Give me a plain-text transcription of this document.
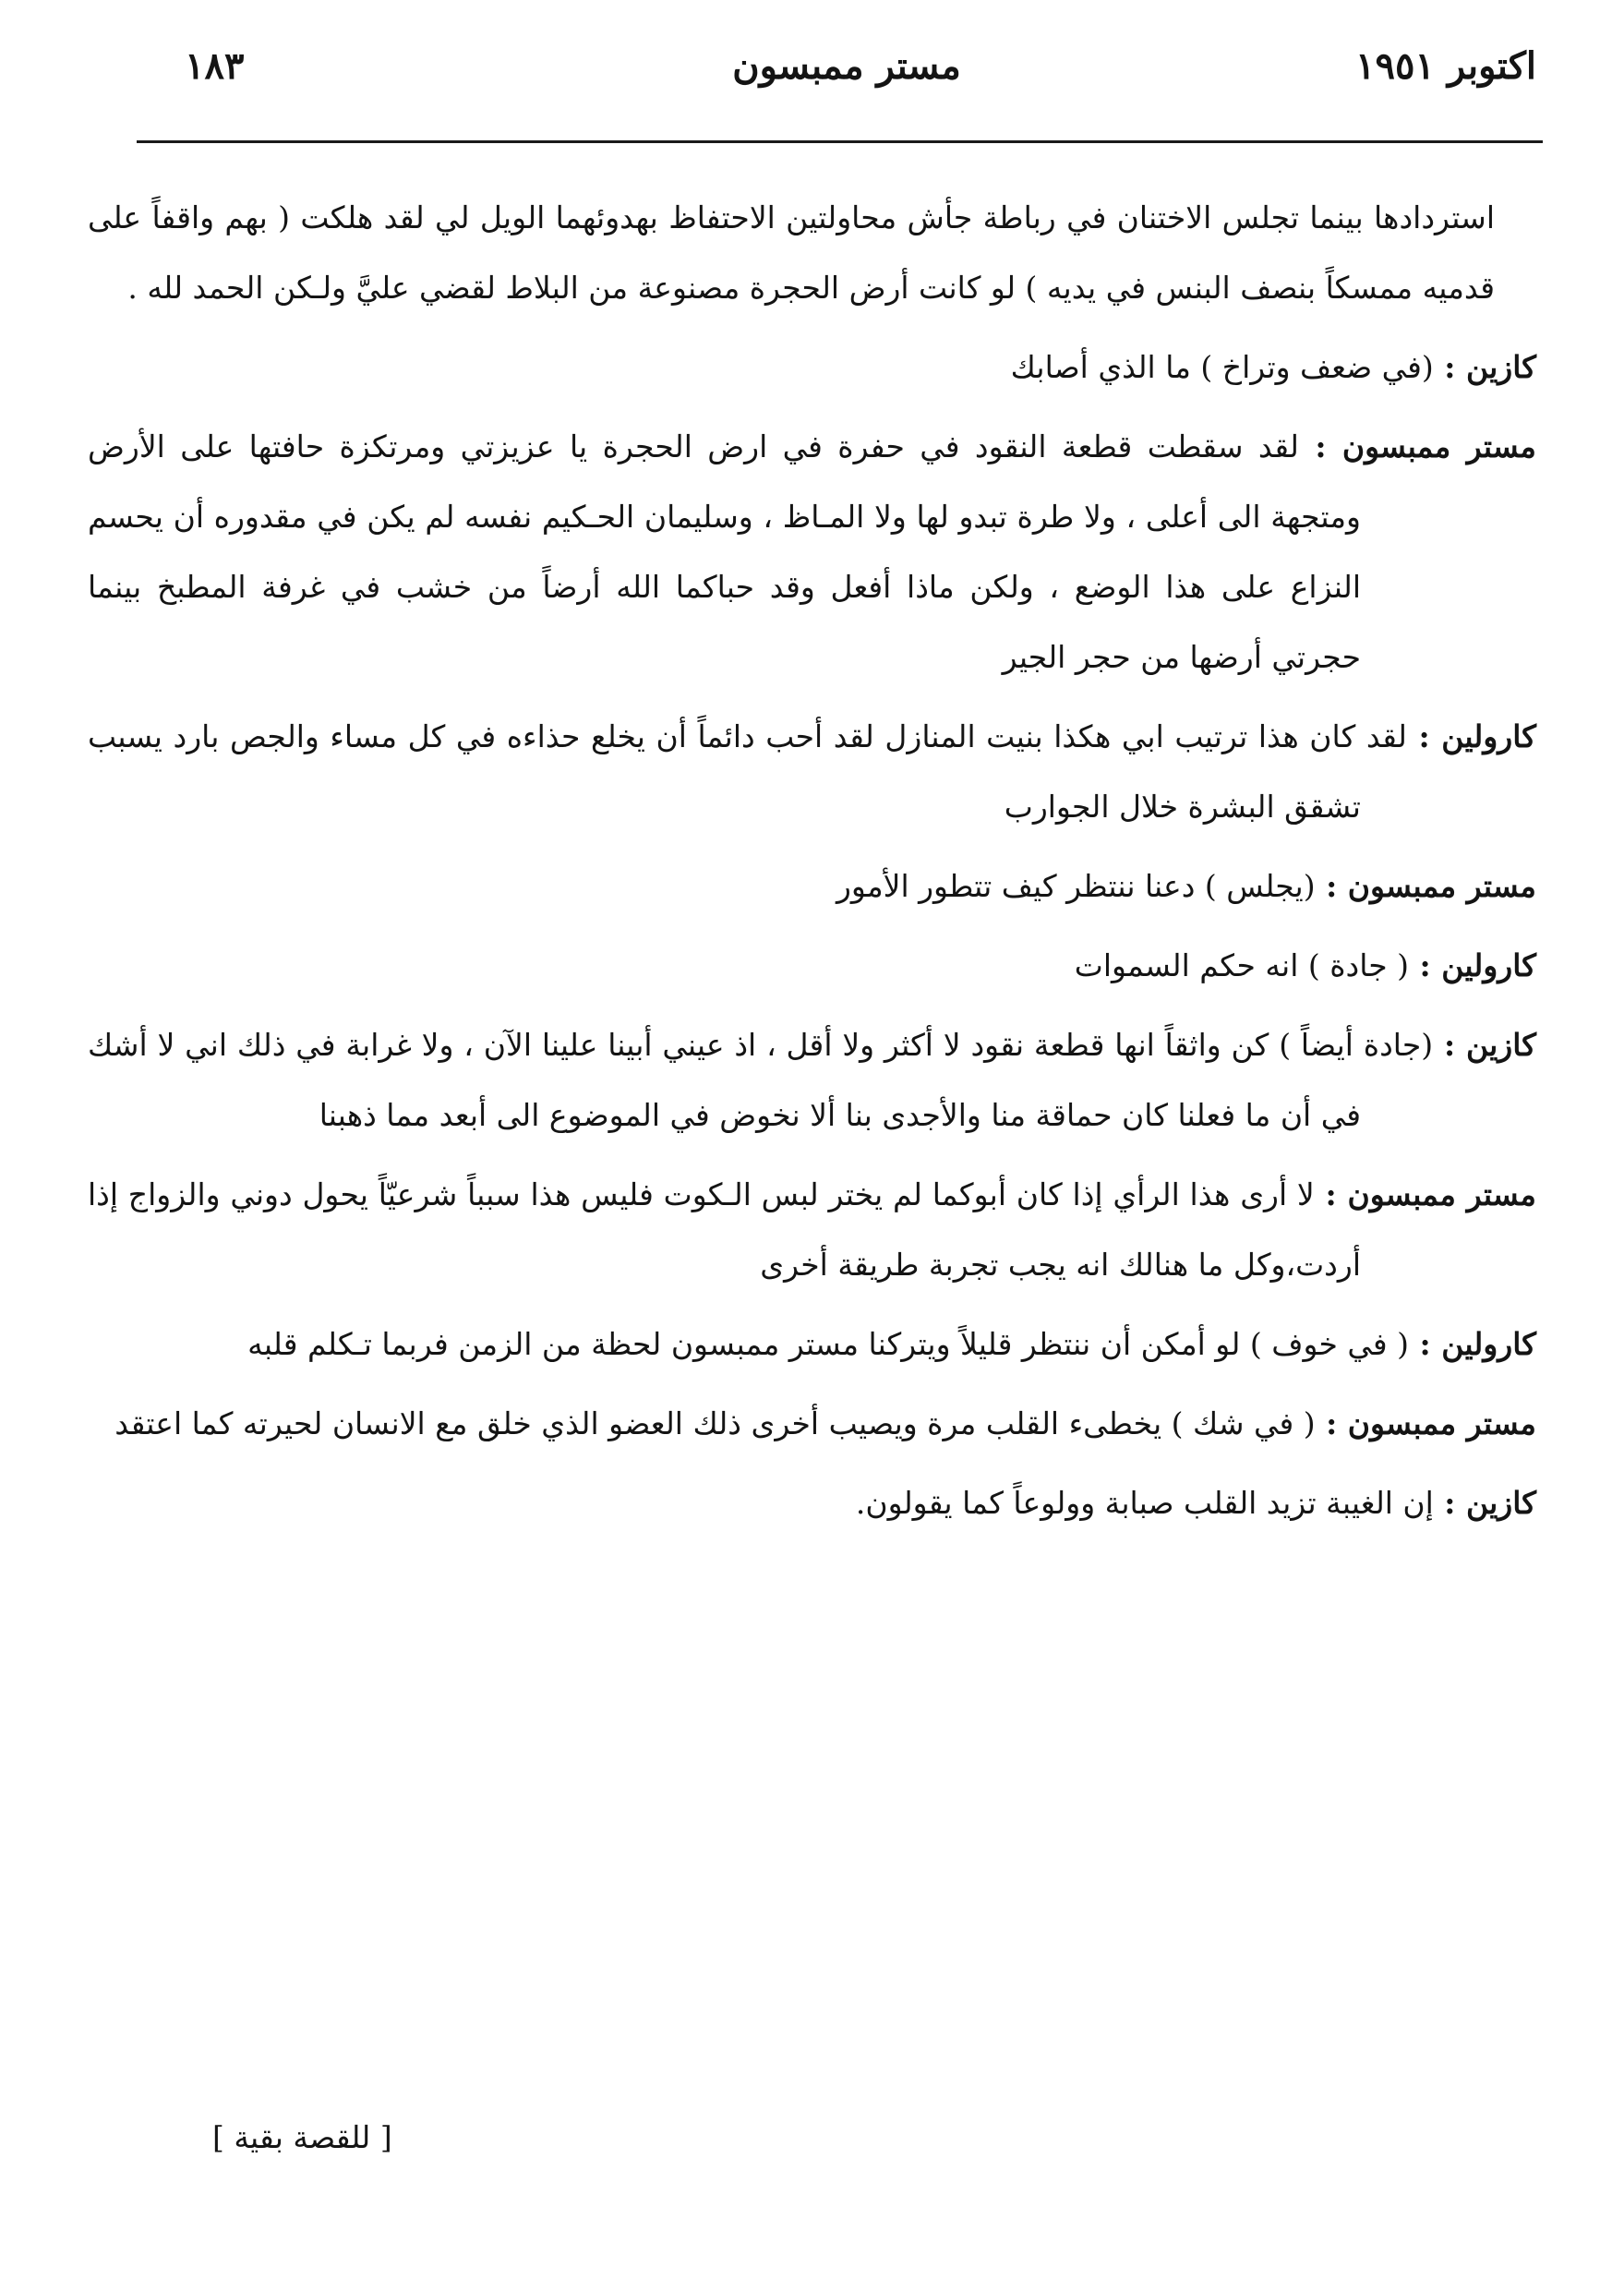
اكتوبر ١٩٥١
مستر ممبسون
١٨٣

استردادها بينما تجلس الاختنان في رباطة جأش محاولتين الاحتفاظ بهدوئهما الويل لي لقد هلكت ( بهم واقفاً على قدميه ممسكاً بنصف البنس في يديه ) لو كانت أرض الحجرة مصنوعة من البلاط لقضي عليَّ ولـكن الحمد لله .

كازين : (في ضعف وتراخ ) ما الذي أصابك

مستر ممبسون : لقد سقطت قطعة النقود في حفرة في ارض الحجرة يا عزيزتي ومرتكزة حافتها على الأرض ومتجهة الى أعلى ، ولا طرة تبدو لها ولا المـاظ ، وسليمان الحـكيم نفسه لم يكن في مقدوره أن يحسم النزاع على هذا الوضع ، ولكن ماذا أفعل وقد حباكما الله أرضاً من خشب في غرفة المطبخ بينما حجرتي أرضها من حجر الجير

كارولين : لقد كان هذا ترتيب ابي هكذا بنيت المنازل لقد أحب دائماً أن يخلع حذاءه في كل مساء والجص بارد يسبب تشقق البشرة خلال الجوارب

مستر ممبسون : (يجلس ) دعنا ننتظر كيف تتطور الأمور

كارولين : ( جادة ) انه حكم السموات

كازين : (جادة أيضاً ) كن واثقاً انها قطعة نقود لا أكثر ولا أقل ، اذ عيني أبينا علينا الآن ، ولا غرابة في ذلك اني لا أشك في أن ما فعلنا كان حماقة منا والأجدى بنا ألا نخوض في الموضوع الى أبعد مما ذهبنا

مستر ممبسون : لا أرى هذا الرأي إذا كان أبوكما لم يختر لبس الـكوت فليس هذا سبباً شرعيّاً يحول دوني والزواج إذا أردت،وكل ما هنالك انه يجب تجربة طريقة أخرى

كارولين : ( في خوف ) لو أمكن أن ننتظر قليلاً ويتركنا مستر ممبسون لحظة من الزمن فربما تـكلم قلبه

مستر ممبسون : ( في شك ) يخطىء القلب مرة ويصيب أخرى ذلك العضو الذي خلق مع الانسان لحيرته كما اعتقد

كازين : إن الغيبة تزيد القلب صبابة وولوعاً كما يقولون.

[ للقصة بقية ]
